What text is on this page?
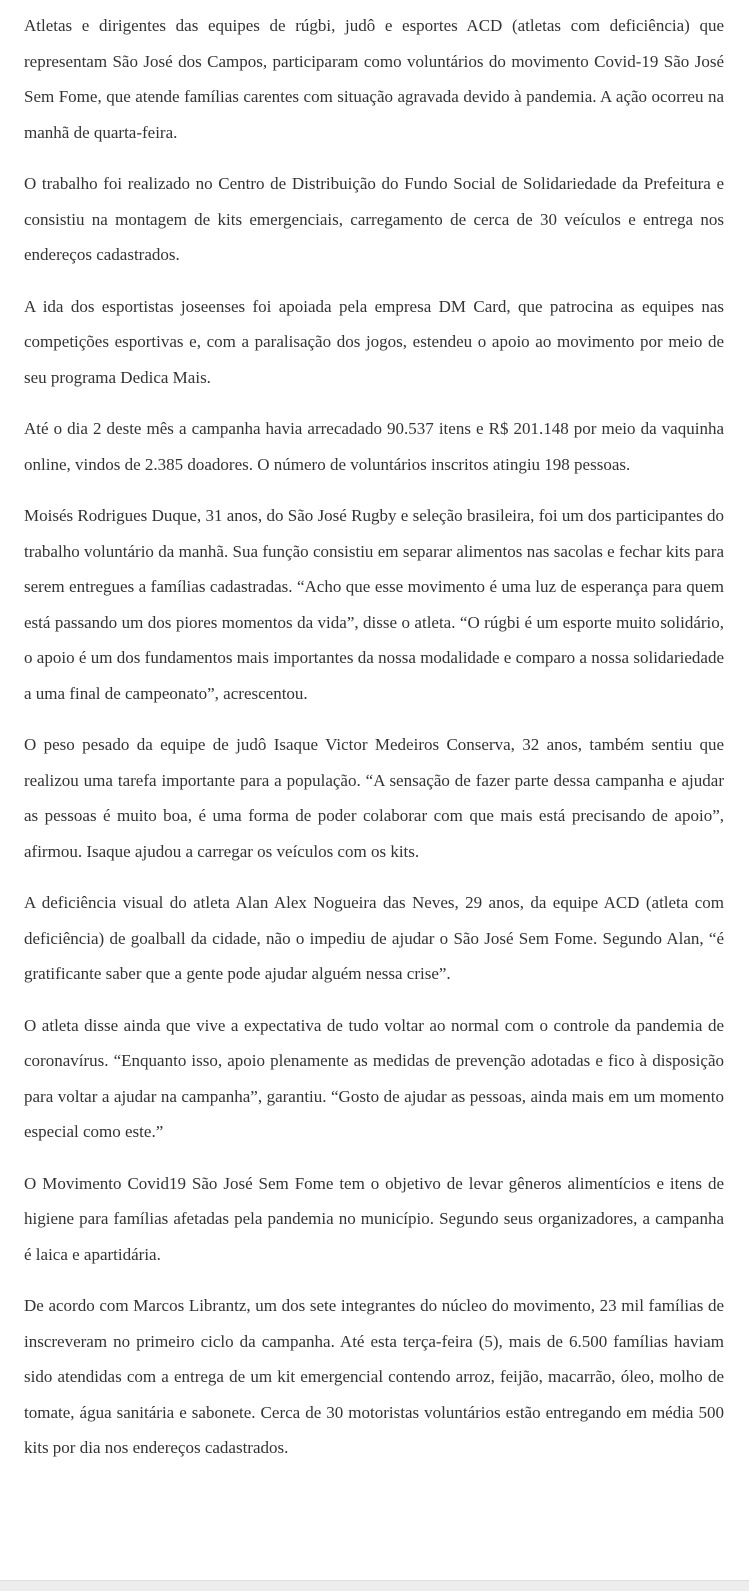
Atletas e dirigentes das equipes de rúgbi, judô e esportes ACD (atletas com deficiência) que representam São José dos Campos, participaram como voluntários do movimento Covid-19 São José Sem Fome, que atende famílias carentes com situação agravada devido à pandemia. A ação ocorreu na manhã de quarta-feira.

O trabalho foi realizado no Centro de Distribuição do Fundo Social de Solidariedade da Prefeitura e consistiu na montagem de kits emergenciais, carregamento de cerca de 30 veículos e entrega nos endereços cadastrados.

A ida dos esportistas joseenses foi apoiada pela empresa DM Card, que patrocina as equipes nas competições esportivas e, com a paralisação dos jogos, estendeu o apoio ao movimento por meio de seu programa Dedica Mais.

Até o dia 2 deste mês a campanha havia arrecadado 90.537 itens e R$ 201.148 por meio da vaquinha online, vindos de 2.385 doadores. O número de voluntários inscritos atingiu 198 pessoas.

Moisés Rodrigues Duque, 31 anos, do São José Rugby e seleção brasileira, foi um dos participantes do trabalho voluntário da manhã. Sua função consistiu em separar alimentos nas sacolas e fechar kits para serem entregues a famílias cadastradas. “Acho que esse movimento é uma luz de esperança para quem está passando um dos piores momentos da vida”, disse o atleta. “O rúgbi é um esporte muito solidário, o apoio é um dos fundamentos mais importantes da nossa modalidade e comparo a nossa solidariedade a uma final de campeonato”, acrescentou.

O peso pesado da equipe de judô Isaque Victor Medeiros Conserva, 32 anos, também sentiu que realizou uma tarefa importante para a população. “A sensação de fazer parte dessa campanha e ajudar as pessoas é muito boa, é uma forma de poder colaborar com que mais está precisando de apoio”, afirmou. Isaque ajudou a carregar os veículos com os kits.

A deficiência visual do atleta Alan Alex Nogueira das Neves, 29 anos, da equipe ACD (atleta com deficiência) de goalball da cidade, não o impediu de ajudar o São José Sem Fome. Segundo Alan, “é gratificante saber que a gente pode ajudar alguém nessa crise”.

O atleta disse ainda que vive a expectativa de tudo voltar ao normal com o controle da pandemia de coronavírus. “Enquanto isso, apoio plenamente as medidas de prevenção adotadas e fico à disposição para voltar a ajudar na campanha”, garantiu. “Gosto de ajudar as pessoas, ainda mais em um momento especial como este.”

O Movimento Covid19 São José Sem Fome tem o objetivo de levar gêneros alimentícios e itens de higiene para famílias afetadas pela pandemia no município. Segundo seus organizadores, a campanha é laica e apartidária.

De acordo com Marcos Librantz, um dos sete integrantes do núcleo do movimento, 23 mil famílias de inscreveram no primeiro ciclo da campanha. Até esta terça-feira (5), mais de 6.500 famílias haviam sido atendidas com a entrega de um kit emergencial contendo arroz, feijão, macarrão, óleo, molho de tomate, água sanitária e sabonete. Cerca de 30 motoristas voluntários estão entregando em média 500 kits por dia nos endereços cadastrados.
